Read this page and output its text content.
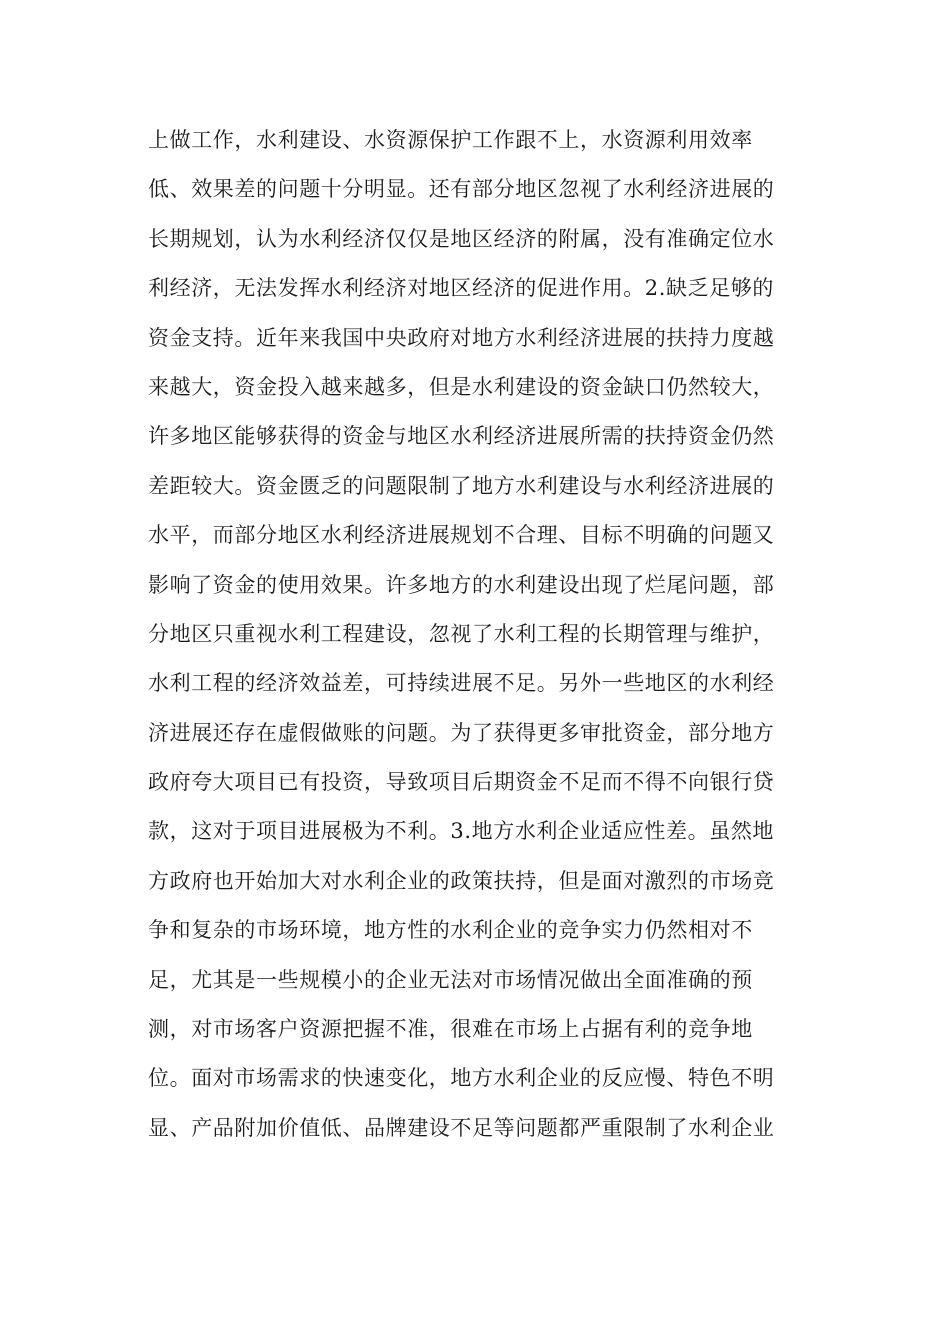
上做工作，水利建设、水资源保护工作跟不上，水资源利用效率
低、效果差的问题十分明显。还有部分地区忽视了水利经济进展的
长期规划，认为水利经济仅仅是地区经济的附属，没有准确定位水
利经济，无法发挥水利经济对地区经济的促进作用。2.缺乏足够的
资金支持。近年来我国中央政府对地方水利经济进展的扶持力度越
来越大，资金投入越来越多，但是水利建设的资金缺口仍然较大，
许多地区能够获得的资金与地区水利经济进展所需的扶持资金仍然
差距较大。资金匮乏的问题限制了地方水利建设与水利经济进展的
水平，而部分地区水利经济进展规划不合理、目标不明确的问题又
影响了资金的使用效果。许多地方的水利建设出现了烂尾问题，部
分地区只重视水利工程建设，忽视了水利工程的长期管理与维护，
水利工程的经济效益差，可持续进展不足。另外一些地区的水利经
济进展还存在虚假做账的问题。为了获得更多审批资金，部分地方
政府夸大项目已有投资，导致项目后期资金不足而不得不向银行贷
款，这对于项目进展极为不利。3.地方水利企业适应性差。虽然地
方政府也开始加大对水利企业的政策扶持，但是面对激烈的市场竞
争和复杂的市场环境，地方性的水利企业的竞争实力仍然相对不
足，尤其是一些规模小的企业无法对市场情况做出全面准确的预
测，对市场客户资源把握不准，很难在市场上占据有利的竞争地
位。面对市场需求的快速变化，地方水利企业的反应慢、特色不明
显、产品附加价值低、品牌建设不足等问题都严重限制了水利企业
